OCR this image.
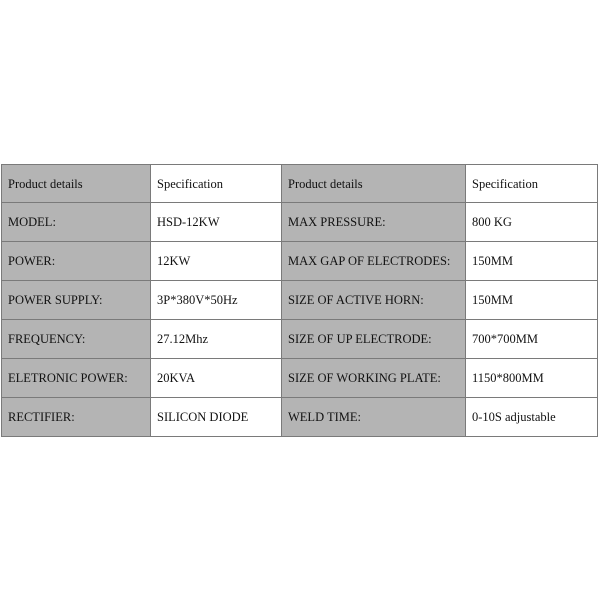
Product details	Specification	Product details	Specification
MODEL:	HSD-12KW	MAX PRESSURE:	800 KG
POWER:	12KW	MAX GAP OF ELECTRODES:	150MM
POWER SUPPLY:	3P*380V*50Hz	SIZE OF ACTIVE HORN:	150MM
FREQUENCY:	27.12Mhz	SIZE OF UP ELECTRODE:	700*700MM
ELETRONIC POWER:	20KVA	SIZE OF WORKING PLATE:	1150*800MM
RECTIFIER:	SILICON DIODE	WELD TIME:	0-10S adjustable
